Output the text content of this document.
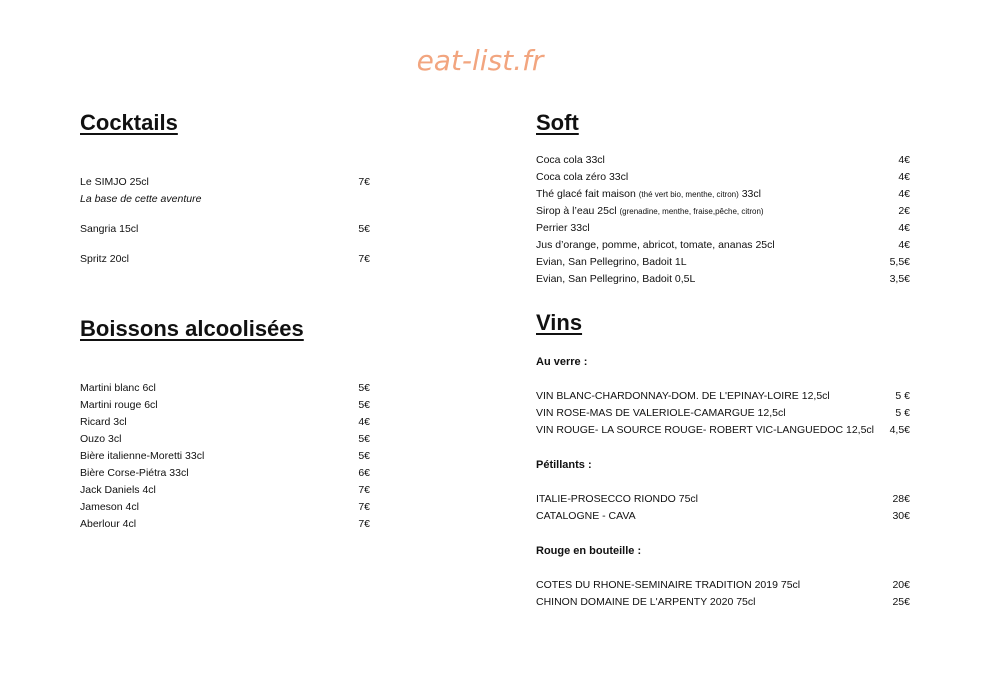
eat-list.fr
Cocktails
Le SIMJO 25cl	7€
La base de cette aventure
Sangria 15cl	5€
Spritz 20cl	7€
Boissons alcoolisées
Martini blanc 6cl	5€
Martini rouge 6cl	5€
Ricard 3cl	4€
Ouzo 3cl	5€
Bière italienne-Moretti 33cl	5€
Bière Corse-Piétra 33cl	6€
Jack Daniels 4cl	7€
Jameson 4cl	7€
Aberlour 4cl	7€
Soft
Coca cola 33cl	4€
Coca cola zéro 33cl	4€
Thé glacé fait maison (thé vert bio, menthe, citron) 33cl	4€
Sirop à l’eau 25cl (grenadine, menthe, fraise,pêche, citron)	2€
Perrier 33cl	4€
Jus d’orange, pomme, abricot, tomate, ananas 25cl	4€
Evian, San Pellegrino, Badoit 1L	5,5€
Evian, San Pellegrino, Badoit 0,5L	3,5€
Vins
Au verre :
VIN BLANC-CHARDONNAY-DOM. DE L'EPINAY-LOIRE 12,5cl	5 €
VIN ROSE-MAS DE VALERIOLE-CAMARGUE 12,5cl	5 €
VIN ROUGE- LA SOURCE ROUGE- ROBERT VIC-LANGUEDOC 12,5cl	4,5€
Pétillants :
ITALIE-PROSECCO RIONDO 75cl	28€
CATALOGNE - CAVA	30€
Rouge en bouteille :
COTES DU RHONE-SEMINAIRE TRADITION 2019 75cl	20€
CHINON DOMAINE DE L'ARPENTY 2020 75cl	25€
